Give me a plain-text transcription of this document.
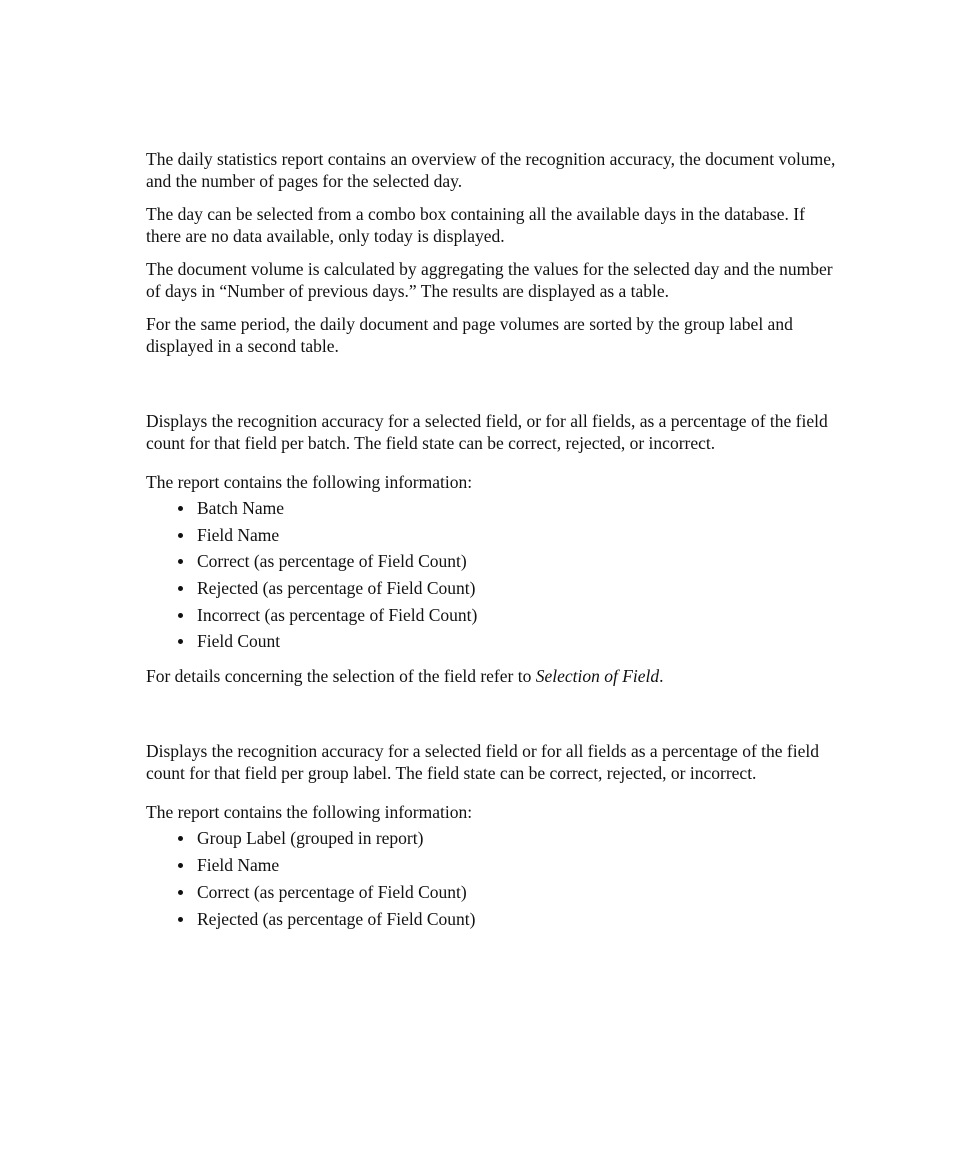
The daily statistics report contains an overview of the recognition accuracy, the document volume, and the number of pages for the selected day.

The day can be selected from a combo box containing all the available days in the database. If there are no data available, only today is displayed.

The document volume is calculated by aggregating the values for the selected day and the number of days in “Number of previous days.” The results are displayed as a table.

For the same period, the daily document and page volumes are sorted by the group label and displayed in a second table.

Displays the recognition accuracy for a selected field, or for all fields, as a percentage of the field count for that field per batch. The field state can be correct, rejected, or incorrect.

The report contains the following information:

Batch Name
Field Name
Correct (as percentage of Field Count)
Rejected (as percentage of Field Count)
Incorrect (as percentage of Field Count)
Field Count

For details concerning the selection of the field refer to Selection of Field.

Displays the recognition accuracy for a selected field or for all fields as a percentage of the field count for that field per group label. The field state can be correct, rejected, or incorrect.

The report contains the following information:

Group Label (grouped in report)
Field Name
Correct (as percentage of Field Count)
Rejected (as percentage of Field Count)
